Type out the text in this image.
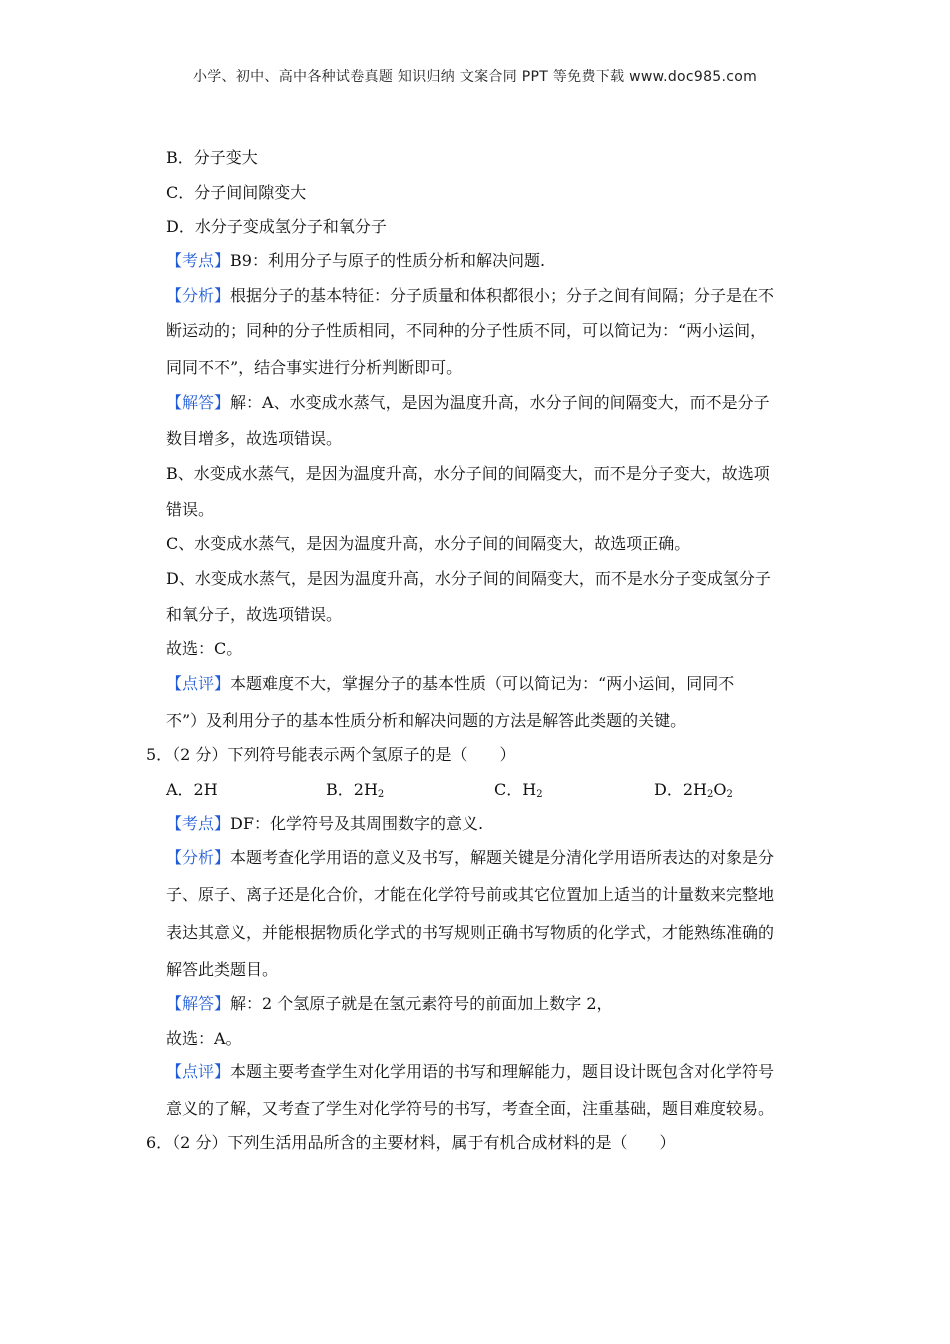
小学、初中、高中各种试卷真题 知识归纳 文案合同 PPT 等免费下载 www.doc985.com
B．分子变大
C．分子间间隙变大
D．水分子变成氢分子和氧分子
【考点】B9：利用分子与原子的性质分析和解决问题.
【分析】根据分子的基本特征：分子质量和体积都很小；分子之间有间隔；分子是在不
断运动的；同种的分子性质相同，不同种的分子性质不同，可以简记为：“两小运间，
同同不不”，结合事实进行分析判断即可。
【解答】解：A、水变成水蒸气，是因为温度升高，水分子间的间隔变大，而不是分子
数目增多，故选项错误。
B、水变成水蒸气，是因为温度升高，水分子间的间隔变大，而不是分子变大，故选项
错误。
C、水变成水蒸气，是因为温度升高，水分子间的间隔变大，故选项正确。
D、水变成水蒸气，是因为温度升高，水分子间的间隔变大，而不是水分子变成氢分子
和氧分子，故选项错误。
故选：C。
【点评】本题难度不大，掌握分子的基本性质（可以简记为：“两小运间，同同不
不”）及利用分子的基本性质分析和解决问题的方法是解答此类题的关键。
5．（2 分）下列符号能表示两个氢原子的是（　　）
A．2H	B．$2H_2$	C．$H_2$	D．$2H_2O_2$
【考点】DF：化学符号及其周围数字的意义.
【分析】本题考查化学用语的意义及书写，解题关键是分清化学用语所表达的对象是分
子、原子、离子还是化合价，才能在化学符号前或其它位置加上适当的计量数来完整地
表达其意义，并能根据物质化学式的书写规则正确书写物质的化学式，才能熟练准确的
解答此类题目。
【解答】解：2 个氢原子就是在氢元素符号的前面加上数字 2，
故选：A。
【点评】本题主要考查学生对化学用语的书写和理解能力，题目设计既包含对化学符号
意义的了解，又考查了学生对化学符号的书写，考查全面，注重基础，题目难度较易。
6．（2 分）下列生活用品所含的主要材料，属于有机合成材料的是（　　）
